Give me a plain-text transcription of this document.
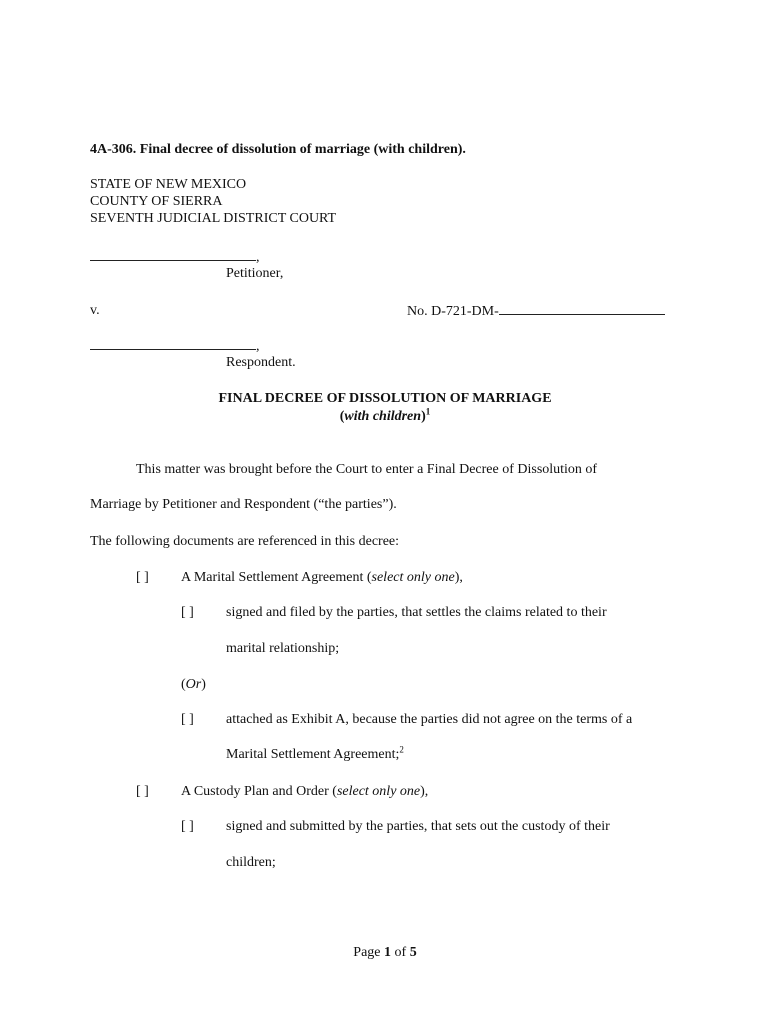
4A-306. Final decree of dissolution of marriage (with children).
STATE OF NEW MEXICO
COUNTY OF SIERRA
SEVENTH JUDICIAL DISTRICT COURT
,
Petitioner,
v.	No. D-721-DM-
,
Respondent.
FINAL DECREE OF DISSOLUTION OF MARRIAGE
(with children)$^1$
This matter was brought before the Court to enter a Final Decree of Dissolution of
Marriage by Petitioner and Respondent (“the parties”).
The following documents are referenced in this decree:
[ ] A Marital Settlement Agreement (select only one),
[ ] signed and filed by the parties, that settles the claims related to their
marital relationship;
(Or)
[ ] attached as Exhibit A, because the parties did not agree on the terms of a
Marital Settlement Agreement;$^2$
[ ] A Custody Plan and Order (select only one),
[ ] signed and submitted by the parties, that sets out the custody of their
children;
Page 1 of 5
